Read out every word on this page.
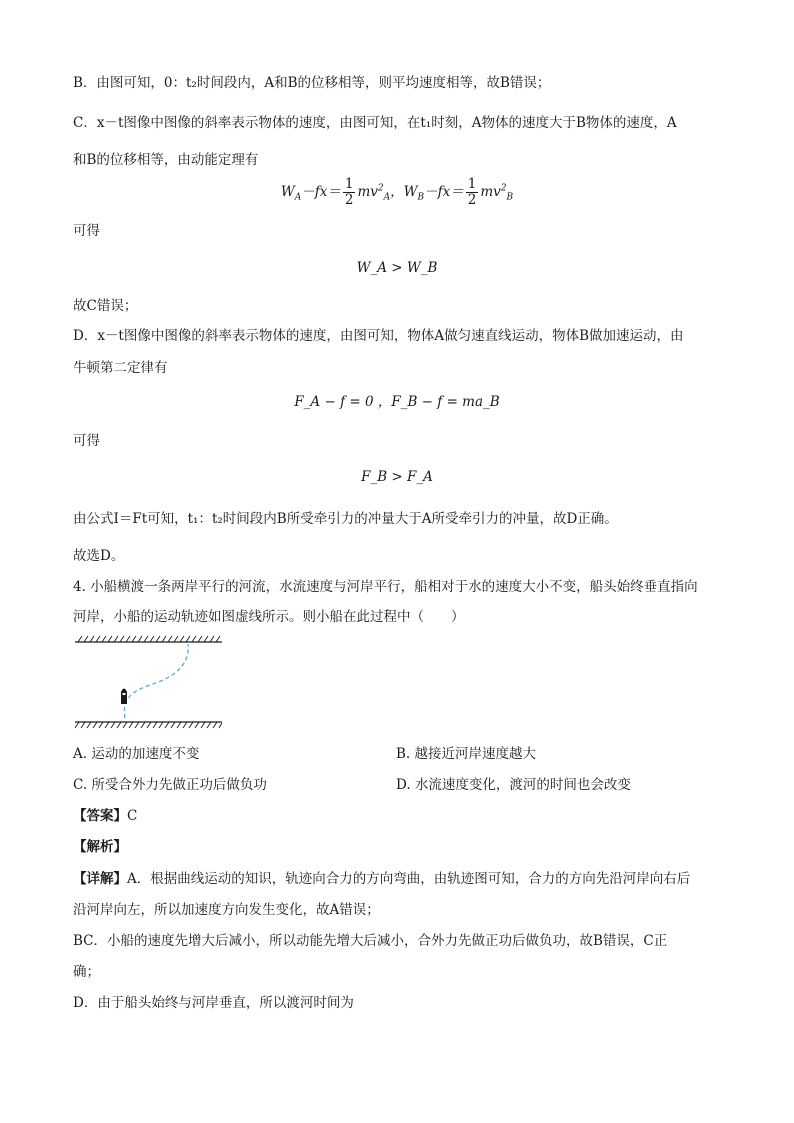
B．由图可知，0：t₂时间段内，A和B的位移相等，则平均速度相等，故B错误；
C．x－t图像中图像的斜率表示物体的速度，由图可知，在t₁时刻，A物体的速度大于B物体的速度，A
和B的位移相等，由动能定理有
$W_A-fx= \frac{1}{2} mv^2_A$，$W_B-fx= \frac{1}{2} mv^2_B$
可得
W_A > W_B
故C错误；
D．x－t图像中图像的斜率表示物体的速度，由图可知，物体A做匀速直线运动，物体B做加速运动，由
牛顿第二定律有
F_A − f = 0 ，F_B − f = ma_B
可得
F_B > F_A
由公式I＝Ft可知，t₁：t₂时间段内B所受牵引力的冲量大于A所受牵引力的冲量，故D正确。
故选D。
4. 小船横渡一条两岸平行的河流，水流速度与河岸平行，船相对于水的速度大小不变，船头始终垂直指向
河岸，小船的运动轨迹如图虚线所示。则小船在此过程中（　　）
A. 运动的加速度不变	B. 越接近河岸速度越大
C. 所受合外力先做正功后做负功	D. 水流速度变化，渡河的时间也会改变
【答案】C
【解析】
【详解】A．根据曲线运动的知识，轨迹向合力的方向弯曲，由轨迹图可知，合力的方向先沿河岸向右后
沿河岸向左，所以加速度方向发生变化，故A错误；
BC．小船的速度先增大后减小，所以动能先增大后减小，合外力先做正功后做负功，故B错误，C正
确；
D．由于船头始终与河岸垂直，所以渡河时间为
